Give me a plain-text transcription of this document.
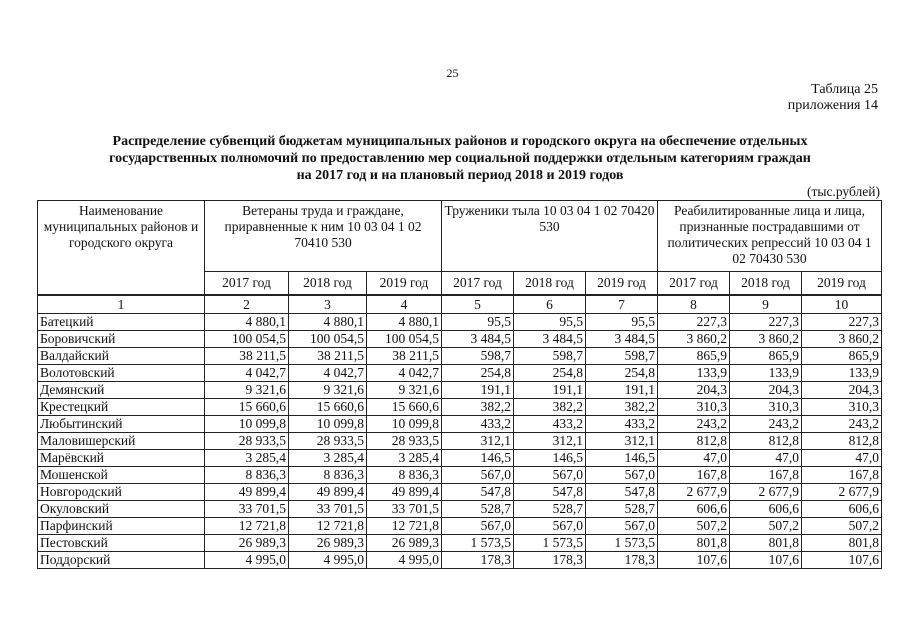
25
Таблица 25
приложения 14
Распределение субвенций бюджетам муниципальных районов и городского округа на обеспечение отдельных
государственных полномочий по предоставлению мер социальной поддержки отдельным категориям граждан
на 2017 год и на плановый период 2018 и 2019 годов
(тыс.рублей)
Наименование муниципальных районов и городского округа	Ветераны труда и граждане, приравненные к ним 10 03 04 1 02 70410 530			Труженики тыла 10 03 04 1 02 70420 530			Реабилитированные лица и лица, признанные пострадавшими от политических репрессий 10 03 04 1 02 70430 530		
	2017 год	2018 год	2019 год	2017 год	2018 год	2019 год	2017 год	2018 год	2019 год
1	2	3	4	5	6	7	8	9	10
Батецкий	4 880,1	4 880,1	4 880,1	95,5	95,5	95,5	227,3	227,3	227,3
Боровичский	100 054,5	100 054,5	100 054,5	3 484,5	3 484,5	3 484,5	3 860,2	3 860,2	3 860,2
Валдайский	38 211,5	38 211,5	38 211,5	598,7	598,7	598,7	865,9	865,9	865,9
Волотовский	4 042,7	4 042,7	4 042,7	254,8	254,8	254,8	133,9	133,9	133,9
Демянский	9 321,6	9 321,6	9 321,6	191,1	191,1	191,1	204,3	204,3	204,3
Крестецкий	15 660,6	15 660,6	15 660,6	382,2	382,2	382,2	310,3	310,3	310,3
Любытинский	10 099,8	10 099,8	10 099,8	433,2	433,2	433,2	243,2	243,2	243,2
Маловишерский	28 933,5	28 933,5	28 933,5	312,1	312,1	312,1	812,8	812,8	812,8
Марёвский	3 285,4	3 285,4	3 285,4	146,5	146,5	146,5	47,0	47,0	47,0
Мошенской	8 836,3	8 836,3	8 836,3	567,0	567,0	567,0	167,8	167,8	167,8
Новгородский	49 899,4	49 899,4	49 899,4	547,8	547,8	547,8	2 677,9	2 677,9	2 677,9
Окуловский	33 701,5	33 701,5	33 701,5	528,7	528,7	528,7	606,6	606,6	606,6
Парфинский	12 721,8	12 721,8	12 721,8	567,0	567,0	567,0	507,2	507,2	507,2
Пестовский	26 989,3	26 989,3	26 989,3	1 573,5	1 573,5	1 573,5	801,8	801,8	801,8
Поддорский	4 995,0	4 995,0	4 995,0	178,3	178,3	178,3	107,6	107,6	107,6
